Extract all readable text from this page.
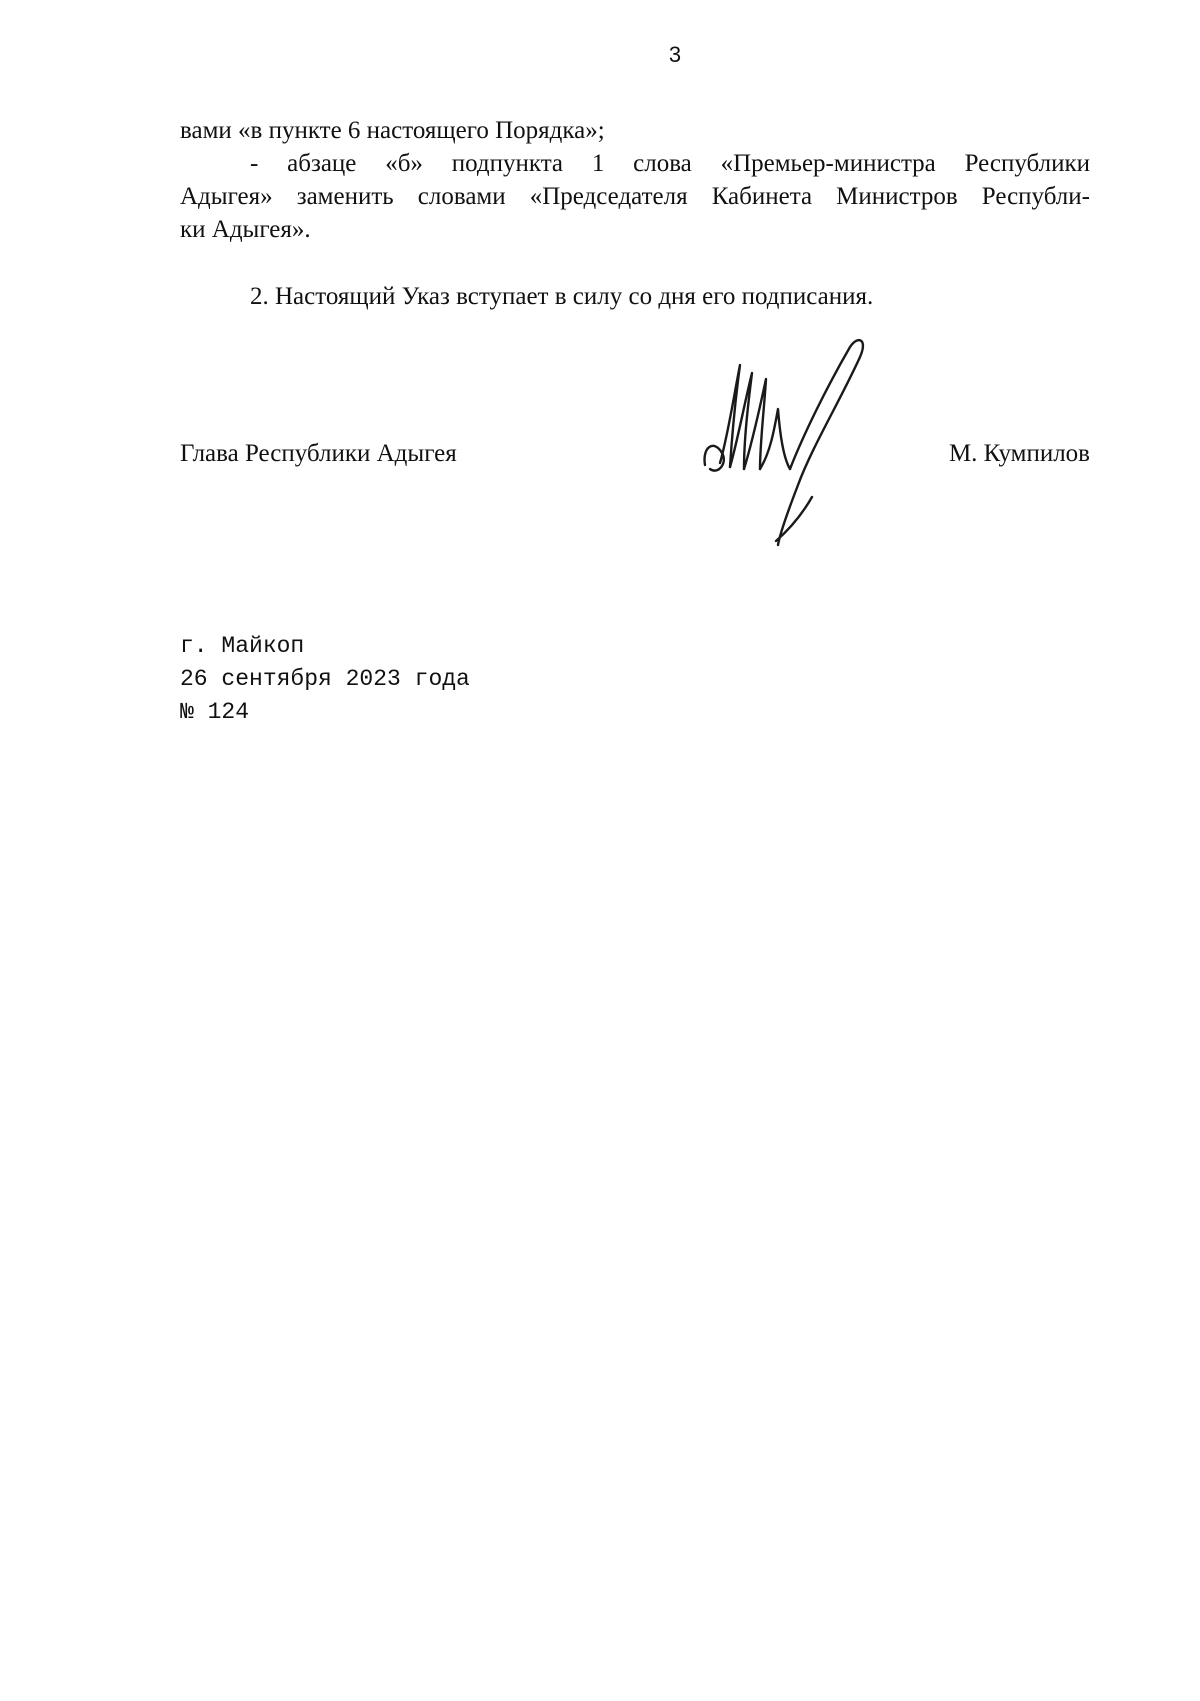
3
вами «в пункте 6 настоящего Порядка»;
- абзаце «б» подпункта 1 слова «Премьер-министра Республики
Адыгея» заменить словами «Председателя Кабинета Министров Республи-
ки Адыгея».
2. Настоящий Указ вступает в силу со дня его подписания.
Глава Республики Адыгея	М. Кумпилов
г. Майкоп
26 сентября 2023 года
№ 124
